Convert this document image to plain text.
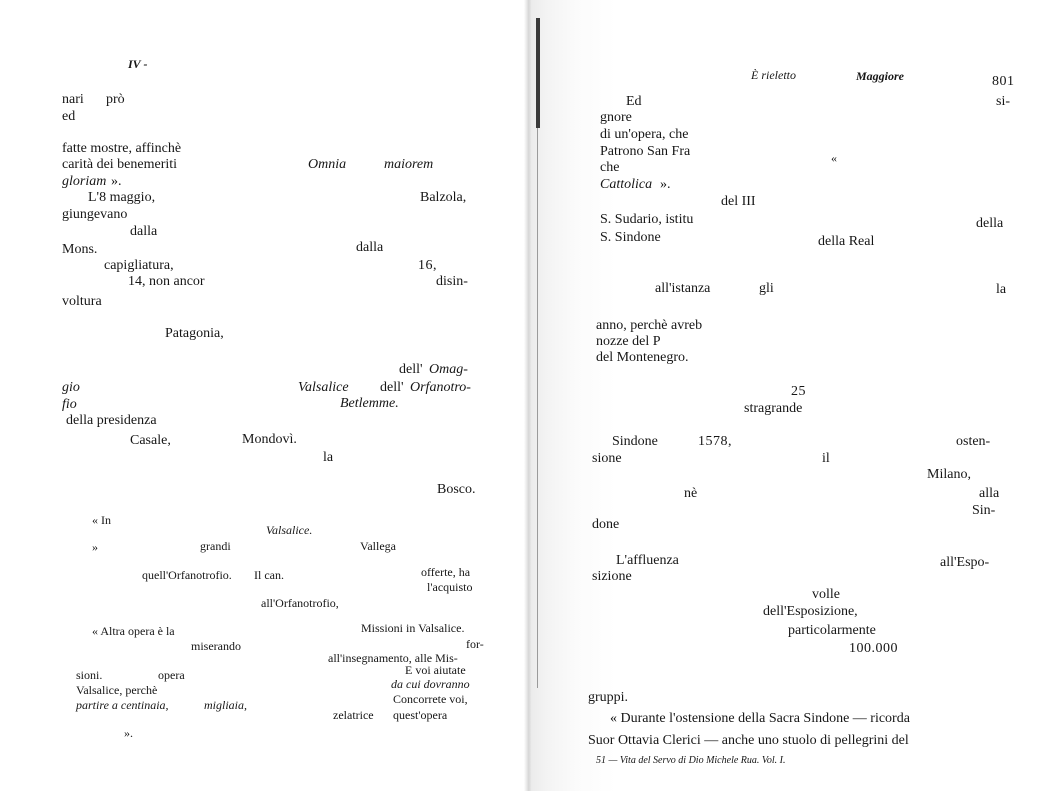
IV -
nari prò
ed
fatte mostre, affinchè
carità dei benemeriti	Omnia	maiorem
gloriam ».
L'8 maggio,	Balzola,
giungevano
dalla
Mons.	dalla
capigliatura,	16,
14, non ancor	disin-
voltura
Patagonia,
dell' Omag-
gio	Valsalice dell' Orfanotro-
fio	Betlemme.
della presidenza
Casale,	Mondovì.
la
Bosco.
« In
Valsalice.
»	grandi	Vallega
quell'Orfanotrofio. Il can.	offerte, ha
l'acquisto
all'Orfanotrofio,
« Altra opera è la	Missioni in Valsalice.
miserando	for-
all'insegnamento, alle Mis-
sioni.	opera	E voi aiutate
Valsalice, perchè	da cui dovranno
partire a centinaia,	migliaia,	Concorrete voi,
zelatrice quest'opera
».
È rieletto	Maggiore	801
Ed	si-
gnore
di un'opera, che
Patrono San Fra	«
che
Cattolica ».
del III
S. Sudario, istitu	della
S. Sindone	della Real
all'istanza	gli	la
anno, perchè avreb
nozze del P
del Montenegro.
25
stragrande
Sindone	1578,	osten-
sione	il
Milano,
nè	alla
Sin-
done
L'affluenza	all'Espo-
sizione
volle
dell'Esposizione,
particolarmente
100.000
gruppi.
« Durante l'ostensione della Sacra Sindone — ricorda
Suor Ottavia Clerici — anche uno stuolo di pellegrini del
51 — Vita del Servo di Dio Michele Rua. Vol. I.
